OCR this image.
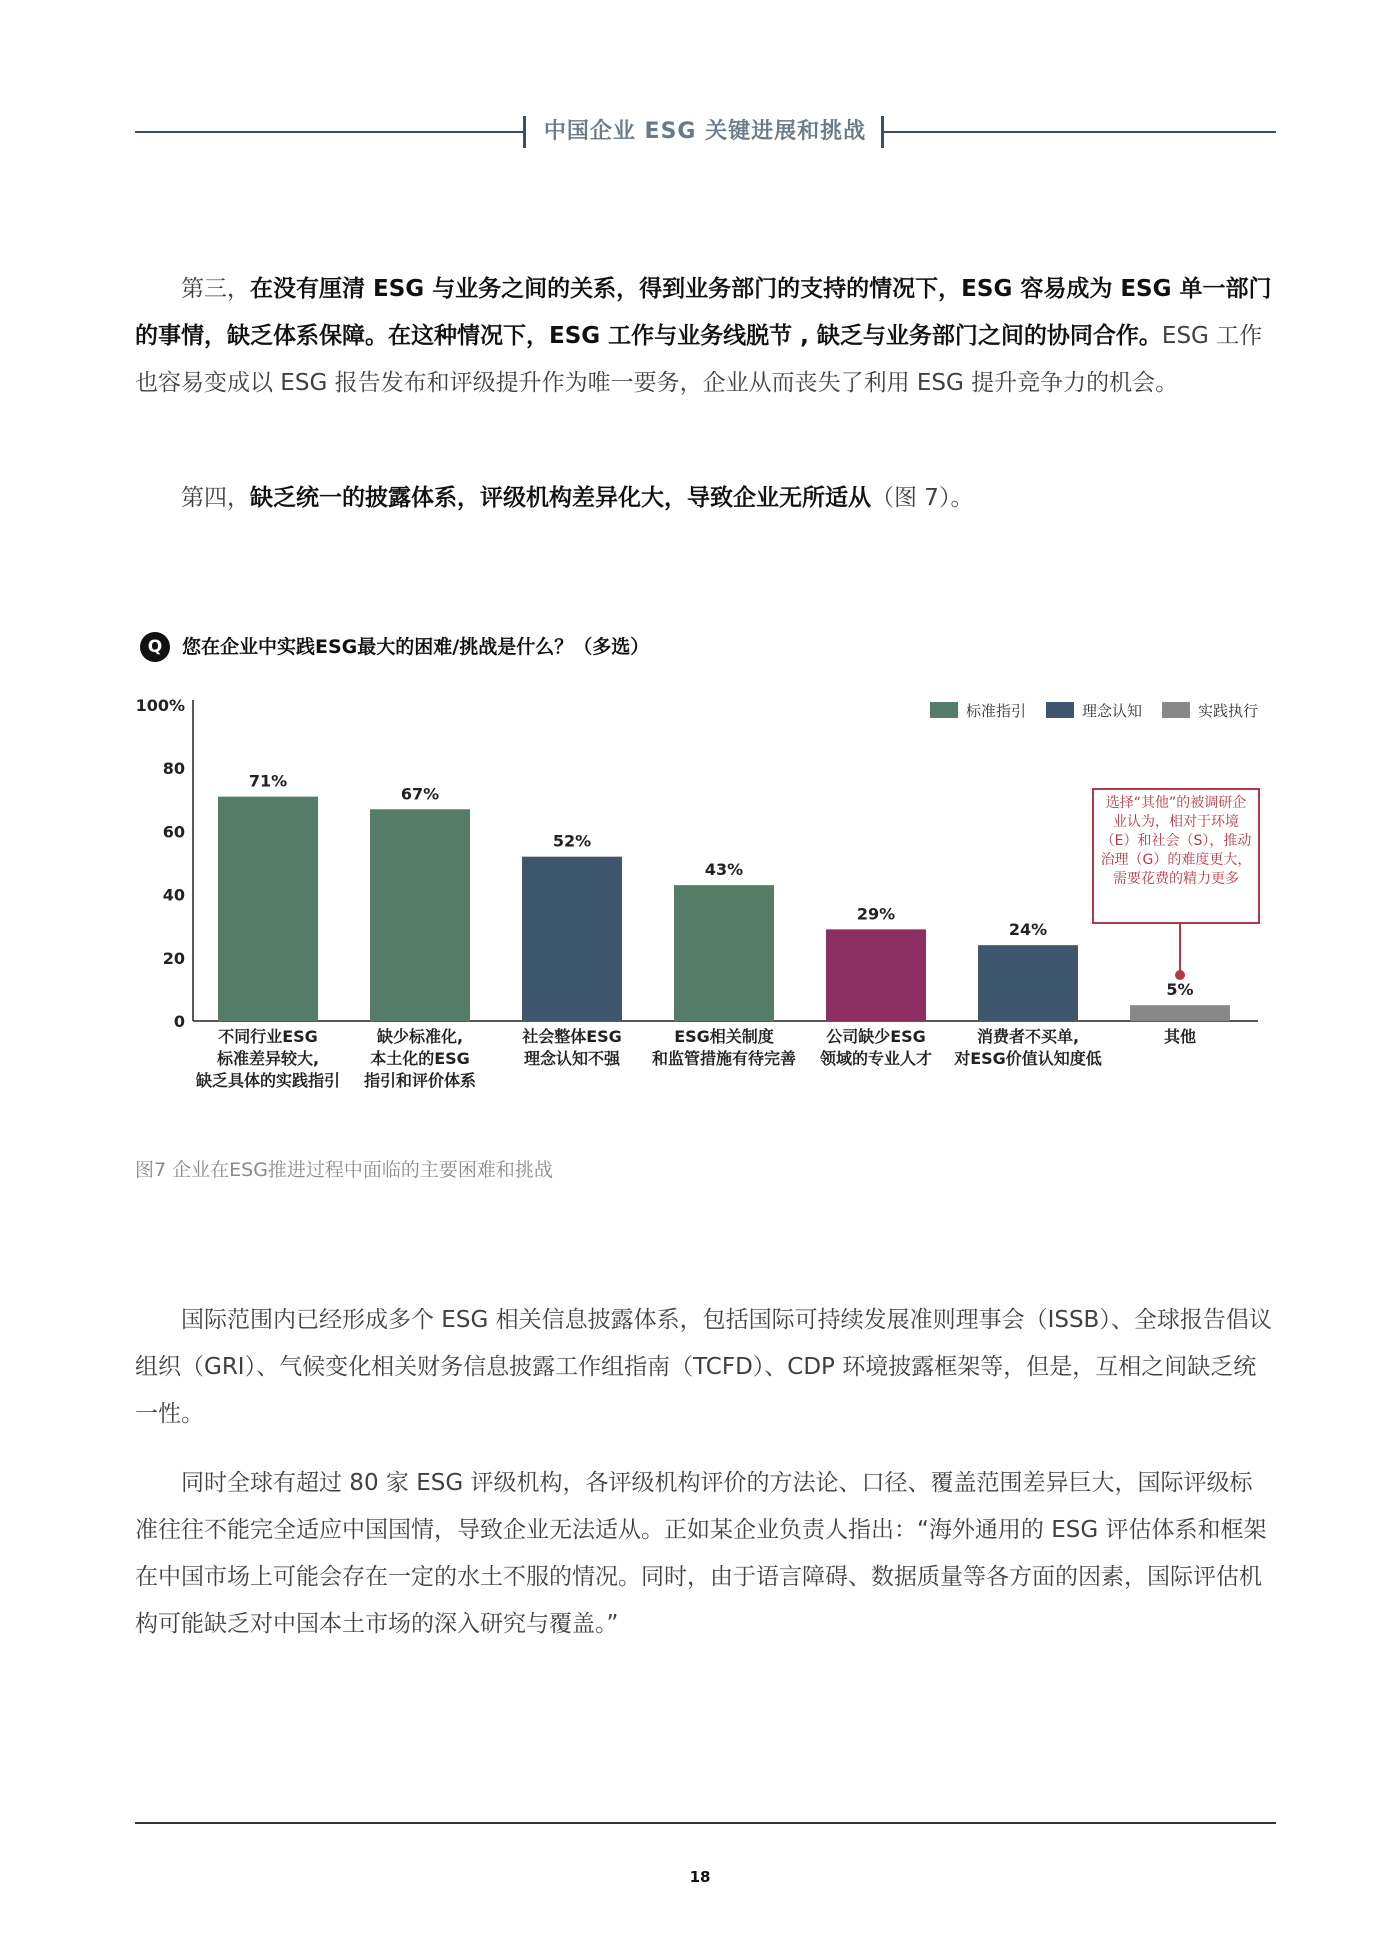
中国企业 ESG 关键进展和挑战

第三，在没有厘清 ESG 与业务之间的关系，得到业务部门的支持的情况下，ESG 容易成为 ESG 单一部门的事情，缺乏体系保障。在这种情况下，ESG 工作与业务线脱节 , 缺乏与业务部门之间的协同合作。ESG 工作也容易变成以 ESG 报告发布和评级提升作为唯一要务，企业从而丧失了利用 ESG 提升竞争力的机会。

第四，缺乏统一的披露体系，评级机构差异化大，导致企业无所适从（图 7）。

Q	您在企业中实践ESG最大的困难/挑战是什么？（多选）
0
20
40
60
80
100%
71%
不同行业ESG
标准差异较大,
缺乏具体的实践指引
67%
缺少标准化,
本土化的ESG
指引和评价体系
52%
社会整体ESG
理念认知不强
43%
ESG相关制度
和监管措施有待完善
29%
公司缺少ESG
领域的专业人才
24%
消费者不买单,
对ESG价值认知度低
5%
其他
标准指引	理念认知	实践执行
选择“其他”的被调研企业认为，相对于环境（E）和社会（S），推动治理（G）的难度更大，需要花费的精力更多
图7 企业在ESG推进过程中面临的主要困难和挑战

国际范围内已经形成多个 ESG 相关信息披露体系，包括国际可持续发展准则理事会（ISSB）、全球报告倡议组织（GRI）、气候变化相关财务信息披露工作组指南（TCFD）、CDP 环境披露框架等，但是，互相之间缺乏统一性。

同时全球有超过 80 家 ESG 评级机构，各评级机构评价的方法论、口径、覆盖范围差异巨大，国际评级标准往往不能完全适应中国国情，导致企业无法适从。正如某企业负责人指出：“海外通用的 ESG 评估体系和框架在中国市场上可能会存在一定的水土不服的情况。同时，由于语言障碍、数据质量等各方面的因素，国际评估机构可能缺乏对中国本土市场的深入研究与覆盖。”

18
